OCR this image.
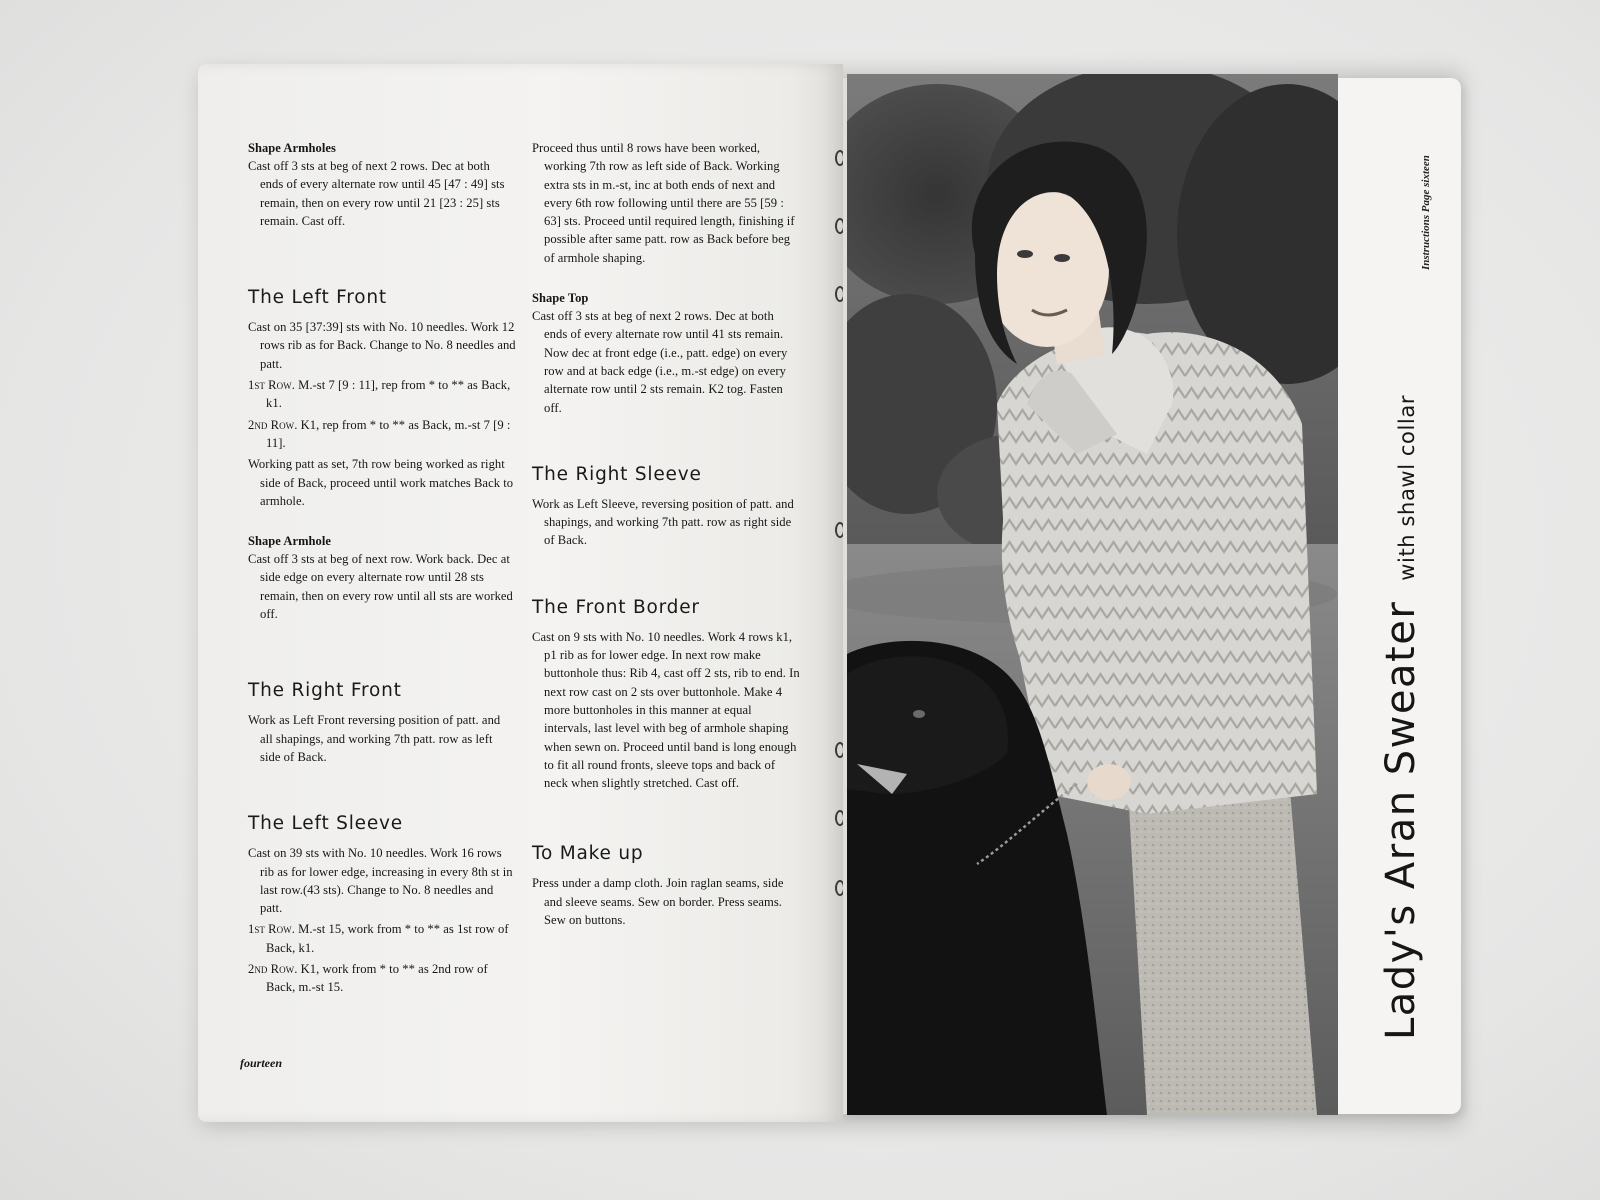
Shape Armholes

Cast off 3 sts at beg of next 2 rows. Dec at both ends of every alternate row until 45 [47 : 49] sts remain, then on every row until 21 [23 : 25] sts remain. Cast off.

The Left Front

Cast on 35 [37:39] sts with No. 10 needles. Work 12 rows rib as for Back. Change to No. 8 needles and patt.

1st Row. M.-st 7 [9 : 11], rep from * to ** as Back, k1.

2nd Row. K1, rep from * to ** as Back, m.-st 7 [9 : 11].

Working patt as set, 7th row being worked as right side of Back, proceed until work matches Back to armhole.

Shape Armhole

Cast off 3 sts at beg of next row. Work back. Dec at side edge on every alternate row until 28 sts remain, then on every row until all sts are worked off.

The Right Front

Work as Left Front reversing position of patt. and all shapings, and working 7th patt. row as left side of Back.

The Left Sleeve

Cast on 39 sts with No. 10 needles. Work 16 rows rib as for lower edge, increasing in every 8th st in last row.(43 sts). Change to No. 8 needles and patt.

1st Row. M.-st 15, work from * to ** as 1st row of Back, k1.

2nd Row. K1, work from * to ** as 2nd row of Back, m.-st 15.

Proceed thus until 8 rows have been worked, working 7th row as left side of Back. Working extra sts in m.-st, inc at both ends of next and every 6th row following until there are 55 [59 : 63] sts. Proceed until required length, finishing if possible after same patt. row as Back before beg of armhole shaping.

Shape Top

Cast off 3 sts at beg of next 2 rows. Dec at both ends of every alternate row until 41 sts remain. Now dec at front edge (i.e., patt. edge) on every row and at back edge (i.e., m.-st edge) on every alternate row until 2 sts remain. K2 tog. Fasten off.

The Right Sleeve

Work as Left Sleeve, reversing position of patt. and shapings, and working 7th patt. row as right side of Back.

The Front Border

Cast on 9 sts with No. 10 needles. Work 4 rows k1, p1 rib as for lower edge. In next row make buttonhole thus: Rib 4, cast off 2 sts, rib to end. In next row cast on 2 sts over buttonhole. Make 4 more buttonholes in this manner at equal intervals, last level with beg of armhole shaping when sewn on. Proceed until band is long enough to fit all round fronts, sleeve tops and back of neck when slightly stretched. Cast off.

To Make up

Press under a damp cloth. Join raglan seams, side and sleeve seams. Sew on border. Press seams. Sew on buttons.

fourteen
Lady's Aran Sweaterwith shawl collar
Instructions Page sixteen
